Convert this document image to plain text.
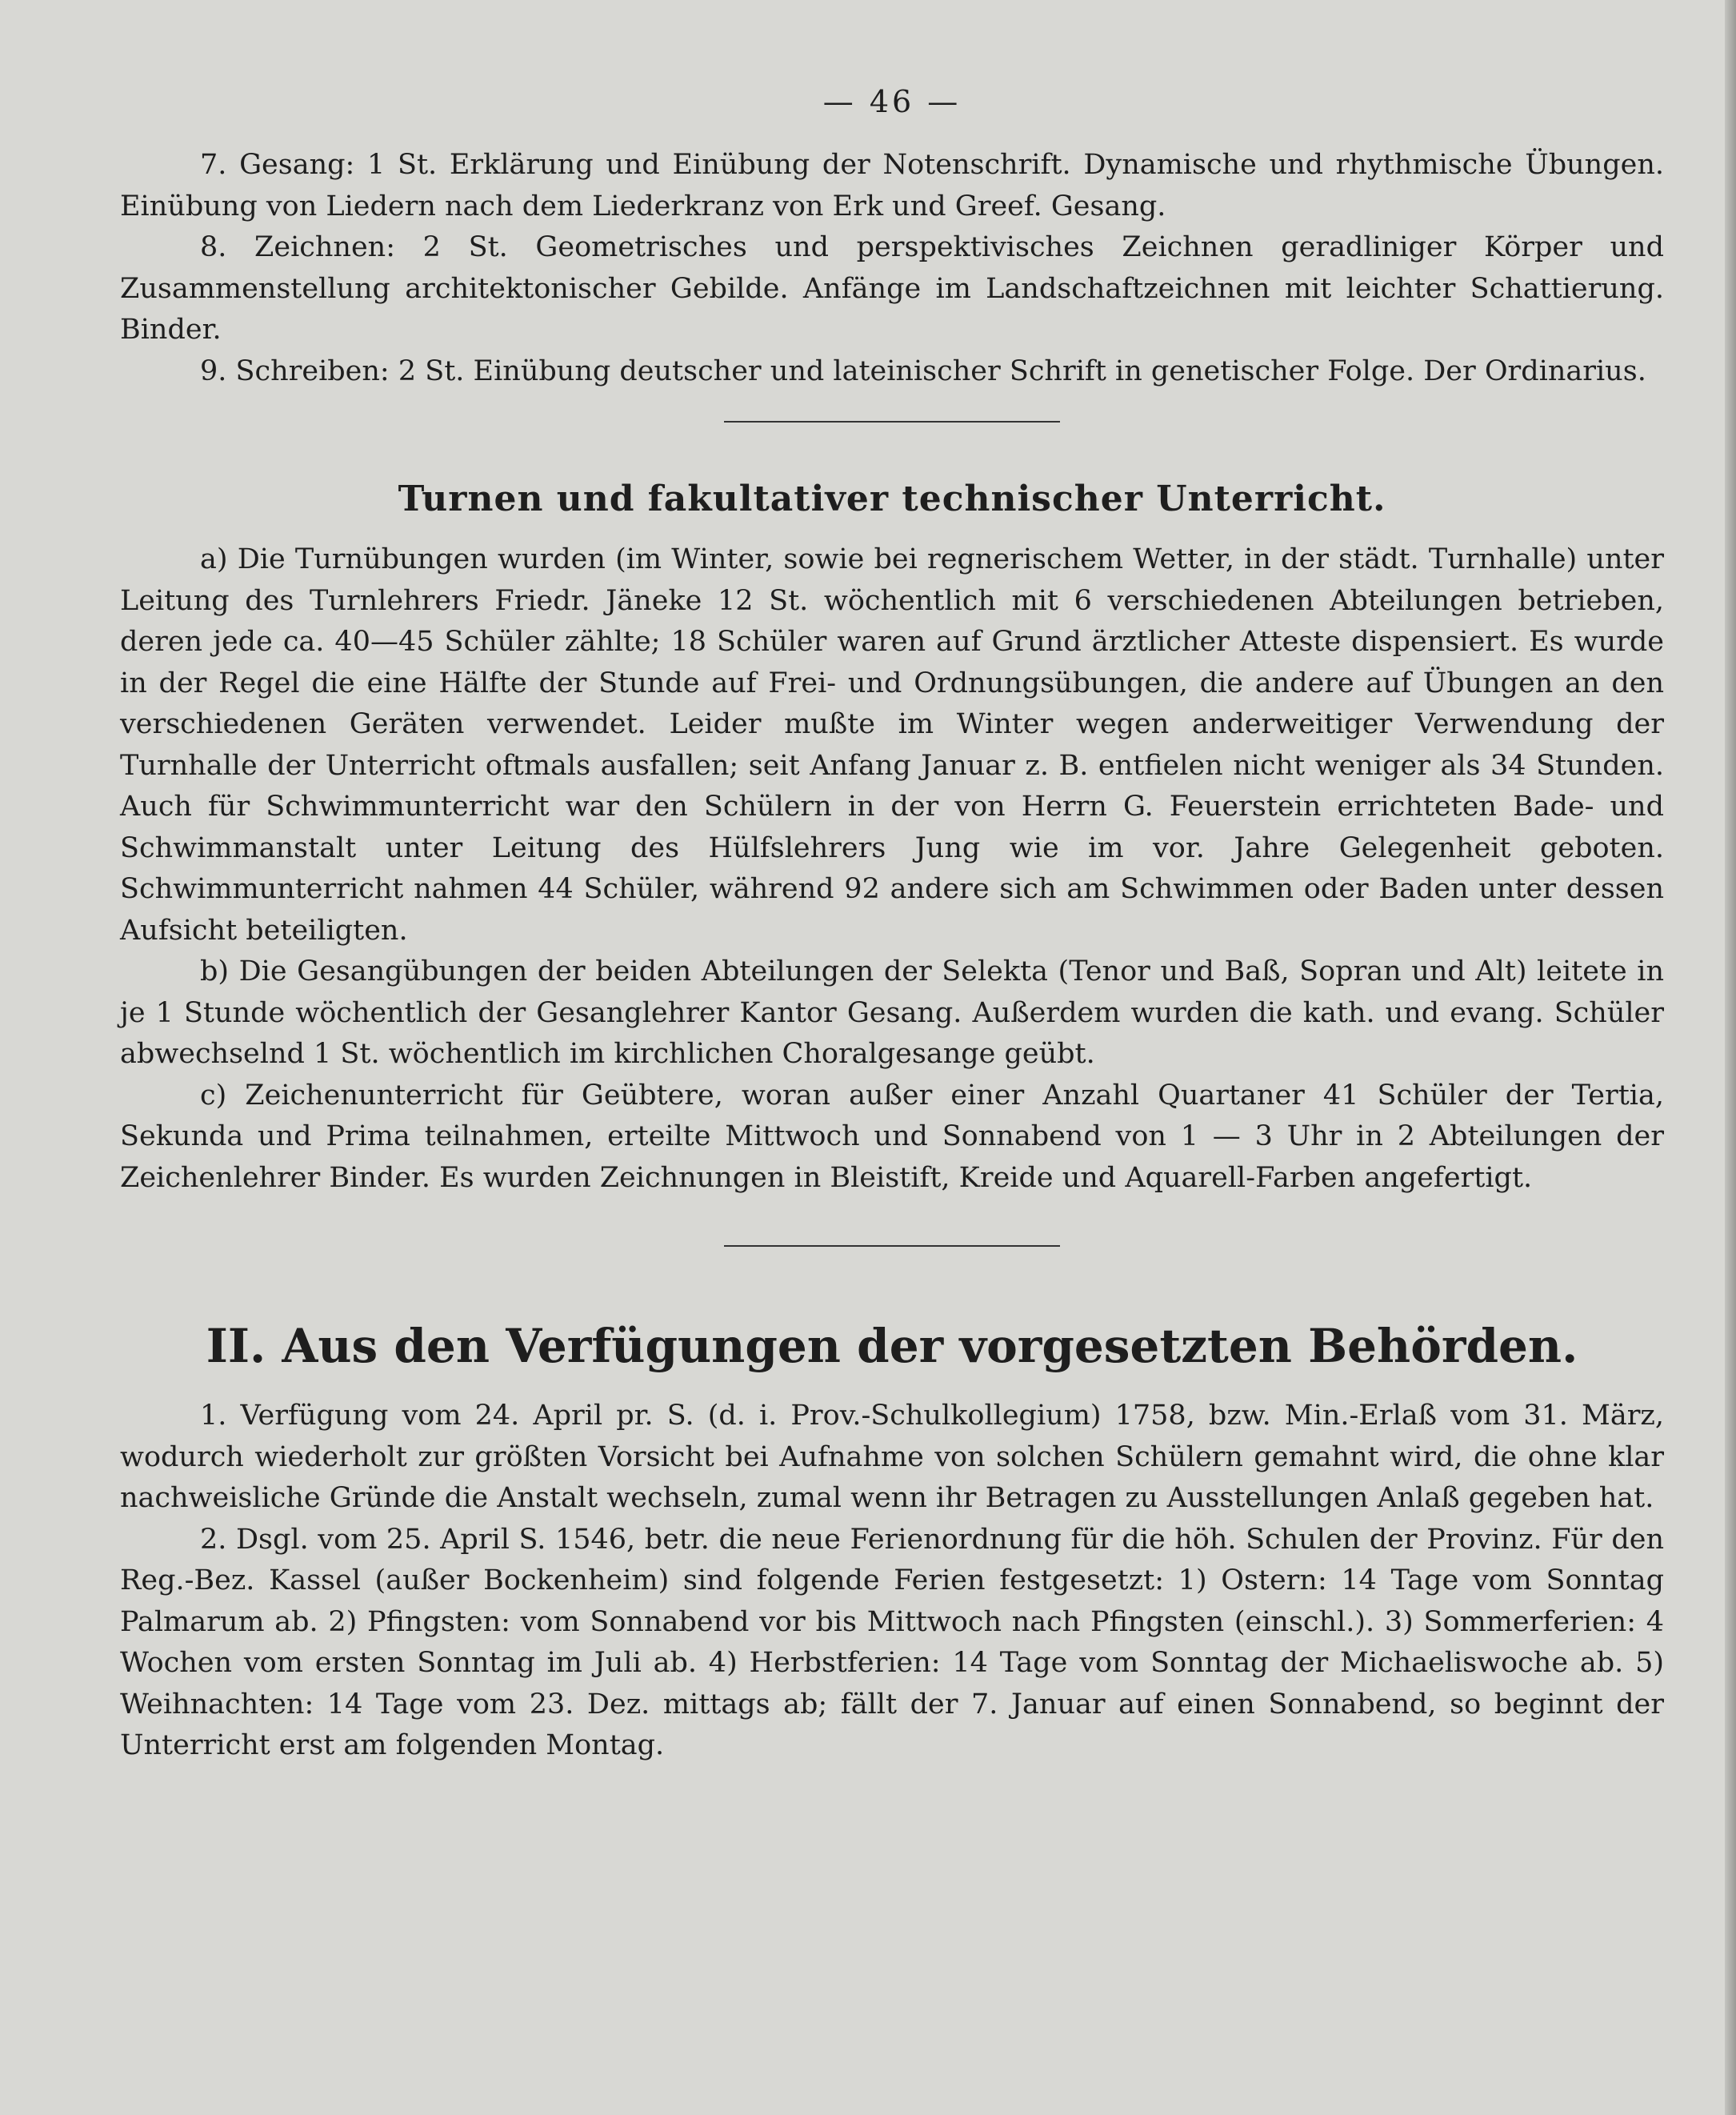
— 46 —

7. Gesang: 1 St. Erklärung und Einübung der Notenschrift. Dynamische und rhythmische Übungen. Einübung von Liedern nach dem Liederkranz von Erk und Greef. Gesang.

8. Zeichnen: 2 St. Geometrisches und perspektivisches Zeichnen geradliniger Körper und Zusammenstellung architektonischer Gebilde. Anfänge im Landschaftzeichnen mit leichter Schattierung. Binder.

9. Schreiben: 2 St. Einübung deutscher und lateinischer Schrift in genetischer Folge. Der Ordinarius.

Turnen und fakultativer technischer Unterricht.

a) Die Turnübungen wurden (im Winter, sowie bei regnerischem Wetter, in der städt. Turnhalle) unter Leitung des Turnlehrers Friedr. Jäneke 12 St. wöchentlich mit 6 verschiedenen Abteilungen betrieben, deren jede ca. 40—45 Schüler zählte; 18 Schüler waren auf Grund ärztlicher Atteste dispensiert. Es wurde in der Regel die eine Hälfte der Stunde auf Frei- und Ordnungsübungen, die andere auf Übungen an den verschiedenen Geräten verwendet. Leider mußte im Winter wegen anderweitiger Verwendung der Turnhalle der Unterricht oftmals ausfallen; seit Anfang Januar z. B. entfielen nicht weniger als 34 Stunden. Auch für Schwimmunterricht war den Schülern in der von Herrn G. Feuerstein errichteten Bade- und Schwimmanstalt unter Leitung des Hülfslehrers Jung wie im vor. Jahre Gelegenheit geboten. Schwimmunterricht nahmen 44 Schüler, während 92 andere sich am Schwimmen oder Baden unter dessen Aufsicht beteiligten.

b) Die Gesangübungen der beiden Abteilungen der Selekta (Tenor und Baß, Sopran und Alt) leitete in je 1 Stunde wöchentlich der Gesanglehrer Kantor Gesang. Außerdem wurden die kath. und evang. Schüler abwechselnd 1 St. wöchentlich im kirchlichen Choralgesange geübt.

c) Zeichenunterricht für Geübtere, woran außer einer Anzahl Quartaner 41 Schüler der Tertia, Sekunda und Prima teilnahmen, erteilte Mittwoch und Sonnabend von 1 — 3 Uhr in 2 Abteilungen der Zeichenlehrer Binder. Es wurden Zeichnungen in Bleistift, Kreide und Aquarell-Farben angefertigt.

II. Aus den Verfügungen der vorgesetzten Behörden.

1. Verfügung vom 24. April pr. S. (d. i. Prov.-Schulkollegium) 1758, bzw. Min.-Erlaß vom 31. März, wodurch wiederholt zur größten Vorsicht bei Aufnahme von solchen Schülern gemahnt wird, die ohne klar nachweisliche Gründe die Anstalt wechseln, zumal wenn ihr Betragen zu Ausstellungen Anlaß gegeben hat.

2. Dsgl. vom 25. April S. 1546, betr. die neue Ferienordnung für die höh. Schulen der Provinz. Für den Reg.-Bez. Kassel (außer Bockenheim) sind folgende Ferien festgesetzt: 1) Ostern: 14 Tage vom Sonntag Palmarum ab. 2) Pfingsten: vom Sonnabend vor bis Mittwoch nach Pfingsten (einschl.). 3) Sommerferien: 4 Wochen vom ersten Sonntag im Juli ab. 4) Herbstferien: 14 Tage vom Sonntag der Michaeliswoche ab. 5) Weihnachten: 14 Tage vom 23. Dez. mittags ab; fällt der 7. Januar auf einen Sonnabend, so beginnt der Unterricht erst am folgenden Montag.
